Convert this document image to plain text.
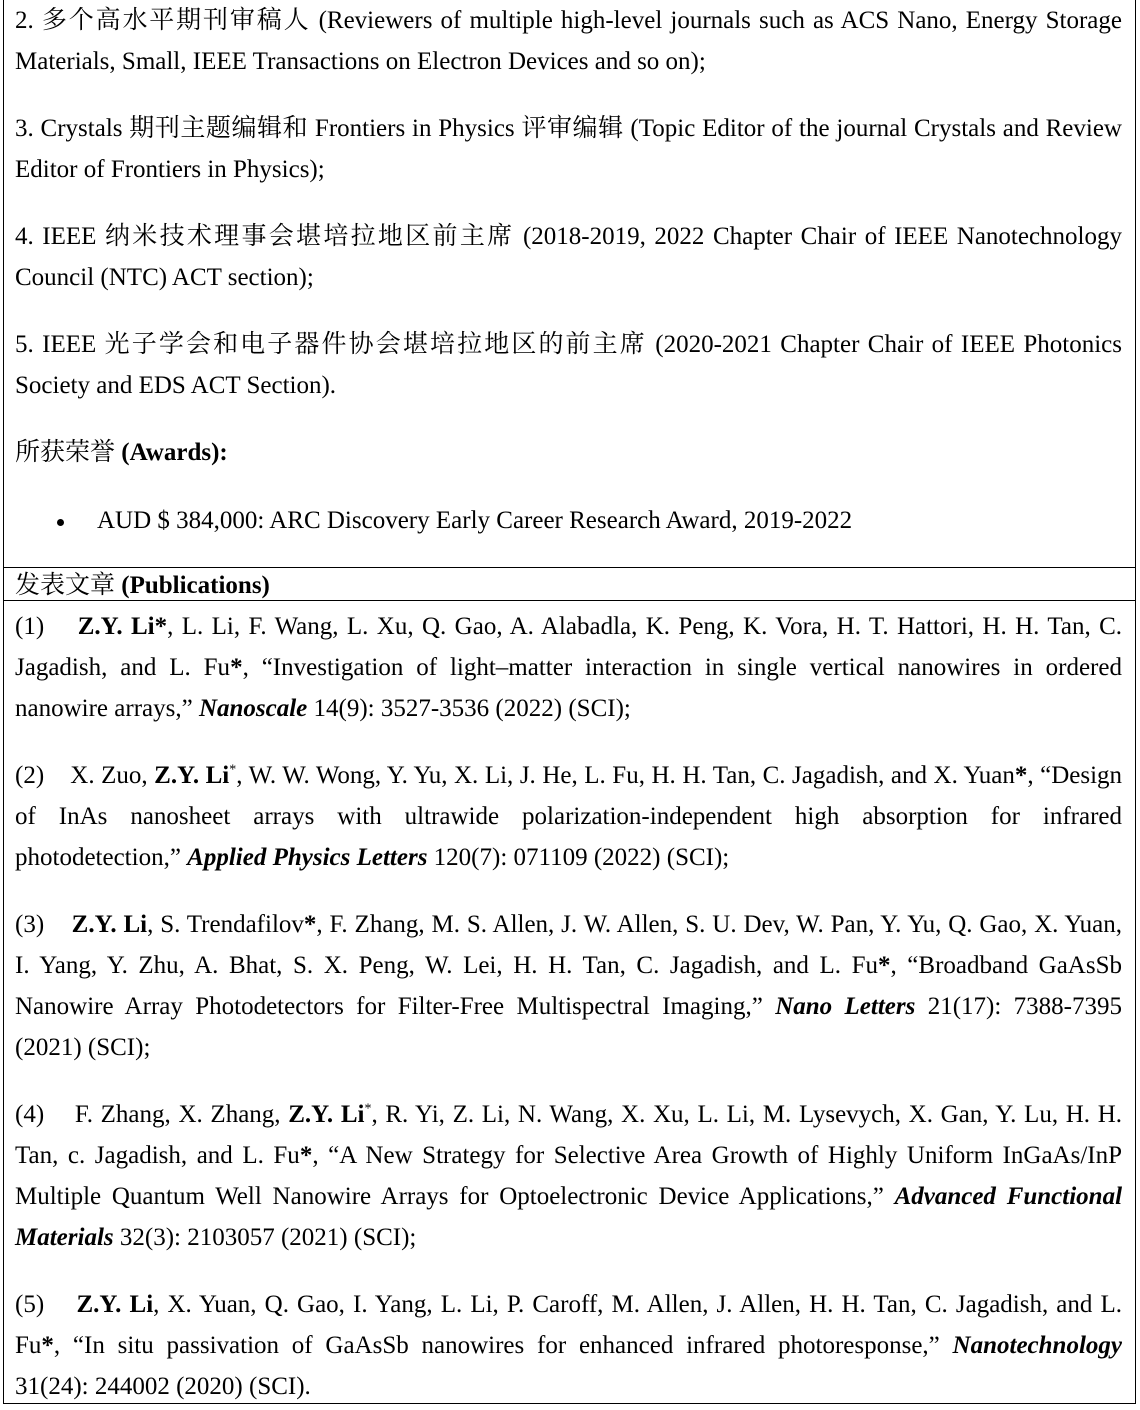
2. 多个高水平期刊审稿人 (Reviewers of multiple high-level journals such as ACS Nano, Energy Storage Materials, Small, IEEE Transactions on Electron Devices and so on);

3. Crystals 期刊主题编辑和 Frontiers in Physics 评审编辑 (Topic Editor of the journal Crystals and Review Editor of Frontiers in Physics);

4. IEEE 纳米技术理事会堪培拉地区前主席 (2018-2019, 2022 Chapter Chair of IEEE Nanotechnology Council (NTC) ACT section);

5. IEEE 光子学会和电子器件协会堪培拉地区的前主席 (2020-2021 Chapter Chair of IEEE Photonics Society and EDS ACT Section).

所获荣誉 (Awards):

AUD $ 384,000: ARC Discovery Early Career Research Award, 2019-2022

发表文章 (Publications)

(1) Z.Y. Li*, L. Li, F. Wang, L. Xu, Q. Gao, A. Alabadla, K. Peng, K. Vora, H. T. Hattori, H. H. Tan, C. Jagadish, and L. Fu*, “Investigation of light–matter interaction in single vertical nanowires in ordered nanowire arrays,” Nanoscale 14(9): 3527-3536 (2022) (SCI);

(2) X. Zuo, Z.Y. Li*, W. W. Wong, Y. Yu, X. Li, J. He, L. Fu, H. H. Tan, C. Jagadish, and X. Yuan*, “Design of InAs nanosheet arrays with ultrawide polarization-independent high absorption for infrared photodetection,” Applied Physics Letters 120(7): 071109 (2022) (SCI);

(3) Z.Y. Li, S. Trendafilov*, F. Zhang, M. S. Allen, J. W. Allen, S. U. Dev, W. Pan, Y. Yu, Q. Gao, X. Yuan, I. Yang, Y. Zhu, A. Bhat, S. X. Peng, W. Lei, H. H. Tan, C. Jagadish, and L. Fu*, “Broadband GaAsSb Nanowire Array Photodetectors for Filter-Free Multispectral Imaging,” Nano Letters 21(17): 7388-7395 (2021) (SCI);

(4) F. Zhang, X. Zhang, Z.Y. Li*, R. Yi, Z. Li, N. Wang, X. Xu, L. Li, M. Lysevych, X. Gan, Y. Lu, H. H. Tan, c. Jagadish, and L. Fu*, “A New Strategy for Selective Area Growth of Highly Uniform InGaAs/InP Multiple Quantum Well Nanowire Arrays for Optoelectronic Device Applications,” Advanced Functional Materials 32(3): 2103057 (2021) (SCI);

(5) Z.Y. Li, X. Yuan, Q. Gao, I. Yang, L. Li, P. Caroff, M. Allen, J. Allen, H. H. Tan, C. Jagadish, and L. Fu*, “In situ passivation of GaAsSb nanowires for enhanced infrared photoresponse,” Nanotechnology 31(24): 244002 (2020) (SCI).
